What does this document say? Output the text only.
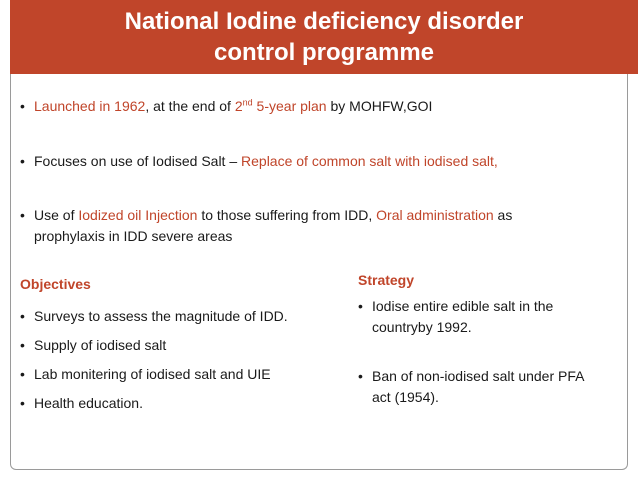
National Iodine deficiency disorder
control programme
• Launched in 1962, at the end of 2nd 5-year plan by MOHFW,GOI
• Focuses on use of Iodised Salt – Replace of common salt with iodised salt,
• Use of Iodized oil Injection to those suffering from IDD, Oral administration as
prophylaxis in IDD severe areas
Objectives
• Surveys to assess the magnitude of IDD.
• Supply of iodised salt
• Lab monitering of iodised salt and UIE
• Health education.
Strategy
• Iodise entire edible salt in the
countryby 1992.
• Ban of non-iodised salt under PFA
act (1954).
